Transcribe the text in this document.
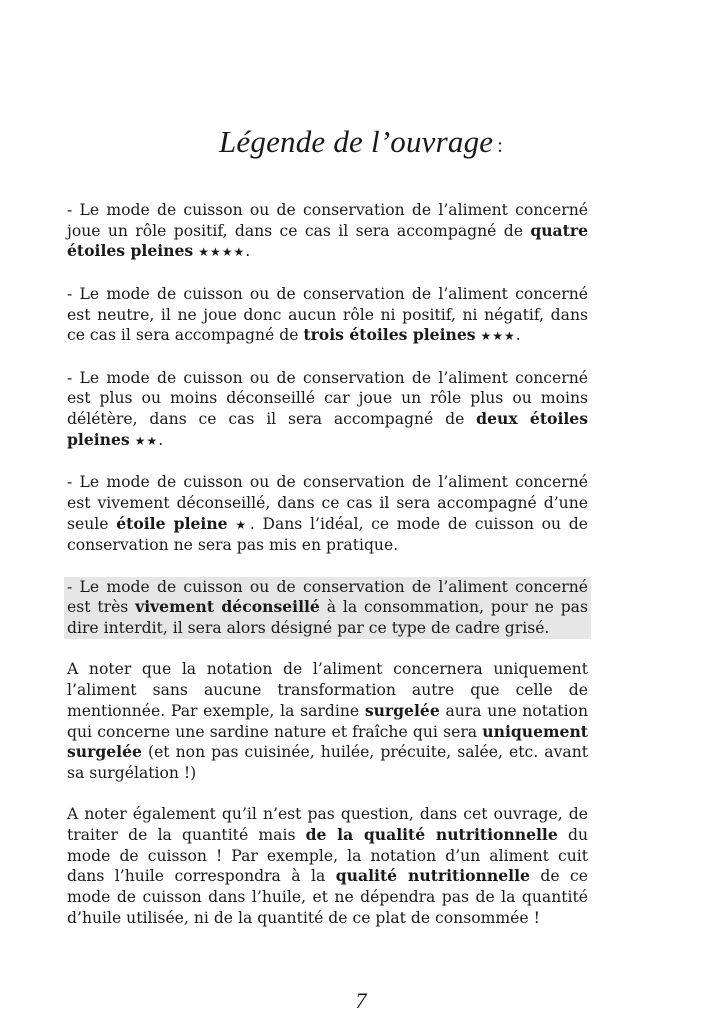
Légende de l’ouvrage :

- Le mode de cuisson ou de conservation de l’aliment concerné joue un rôle positif, dans ce cas il sera accompagné de quatre étoiles pleines ★★★★.

- Le mode de cuisson ou de conservation de l’aliment concerné est neutre, il ne joue donc aucun rôle ni positif, ni négatif, dans ce cas il sera accompagné de trois étoiles pleines ★★★.

- Le mode de cuisson ou de conservation de l’aliment concerné est plus ou moins déconseillé car joue un rôle plus ou moins délétère, dans ce cas il sera accompagné de deux étoiles pleines ★★.

- Le mode de cuisson ou de conservation de l’aliment concerné est vivement déconseillé, dans ce cas il sera accompagné d’une seule étoile pleine ★. Dans l’idéal, ce mode de cuisson ou de conservation ne sera pas mis en pratique.

- Le mode de cuisson ou de conservation de l’aliment concerné est très vivement déconseillé à la consommation, pour ne pas dire interdit, il sera alors désigné par ce type de cadre grisé.

A noter que la notation de l’aliment concernera uniquement l’aliment sans aucune transformation autre que celle de mentionnée. Par exemple, la sardine surgelée aura une notation qui concerne une sardine nature et fraîche qui sera uniquement surgelée (et non pas cuisinée, huilée, précuite, salée, etc. avant sa surgélation !)

A noter également qu’il n’est pas question, dans cet ouvrage, de traiter de la quantité mais de la qualité nutritionnelle du mode de cuisson ! Par exemple, la notation d’un aliment cuit dans l’huile correspondra à la qualité nutritionnelle de ce mode de cuisson dans l’huile, et ne dépendra pas de la quantité d’huile utilisée, ni de la quantité de ce plat de consommée !

7
